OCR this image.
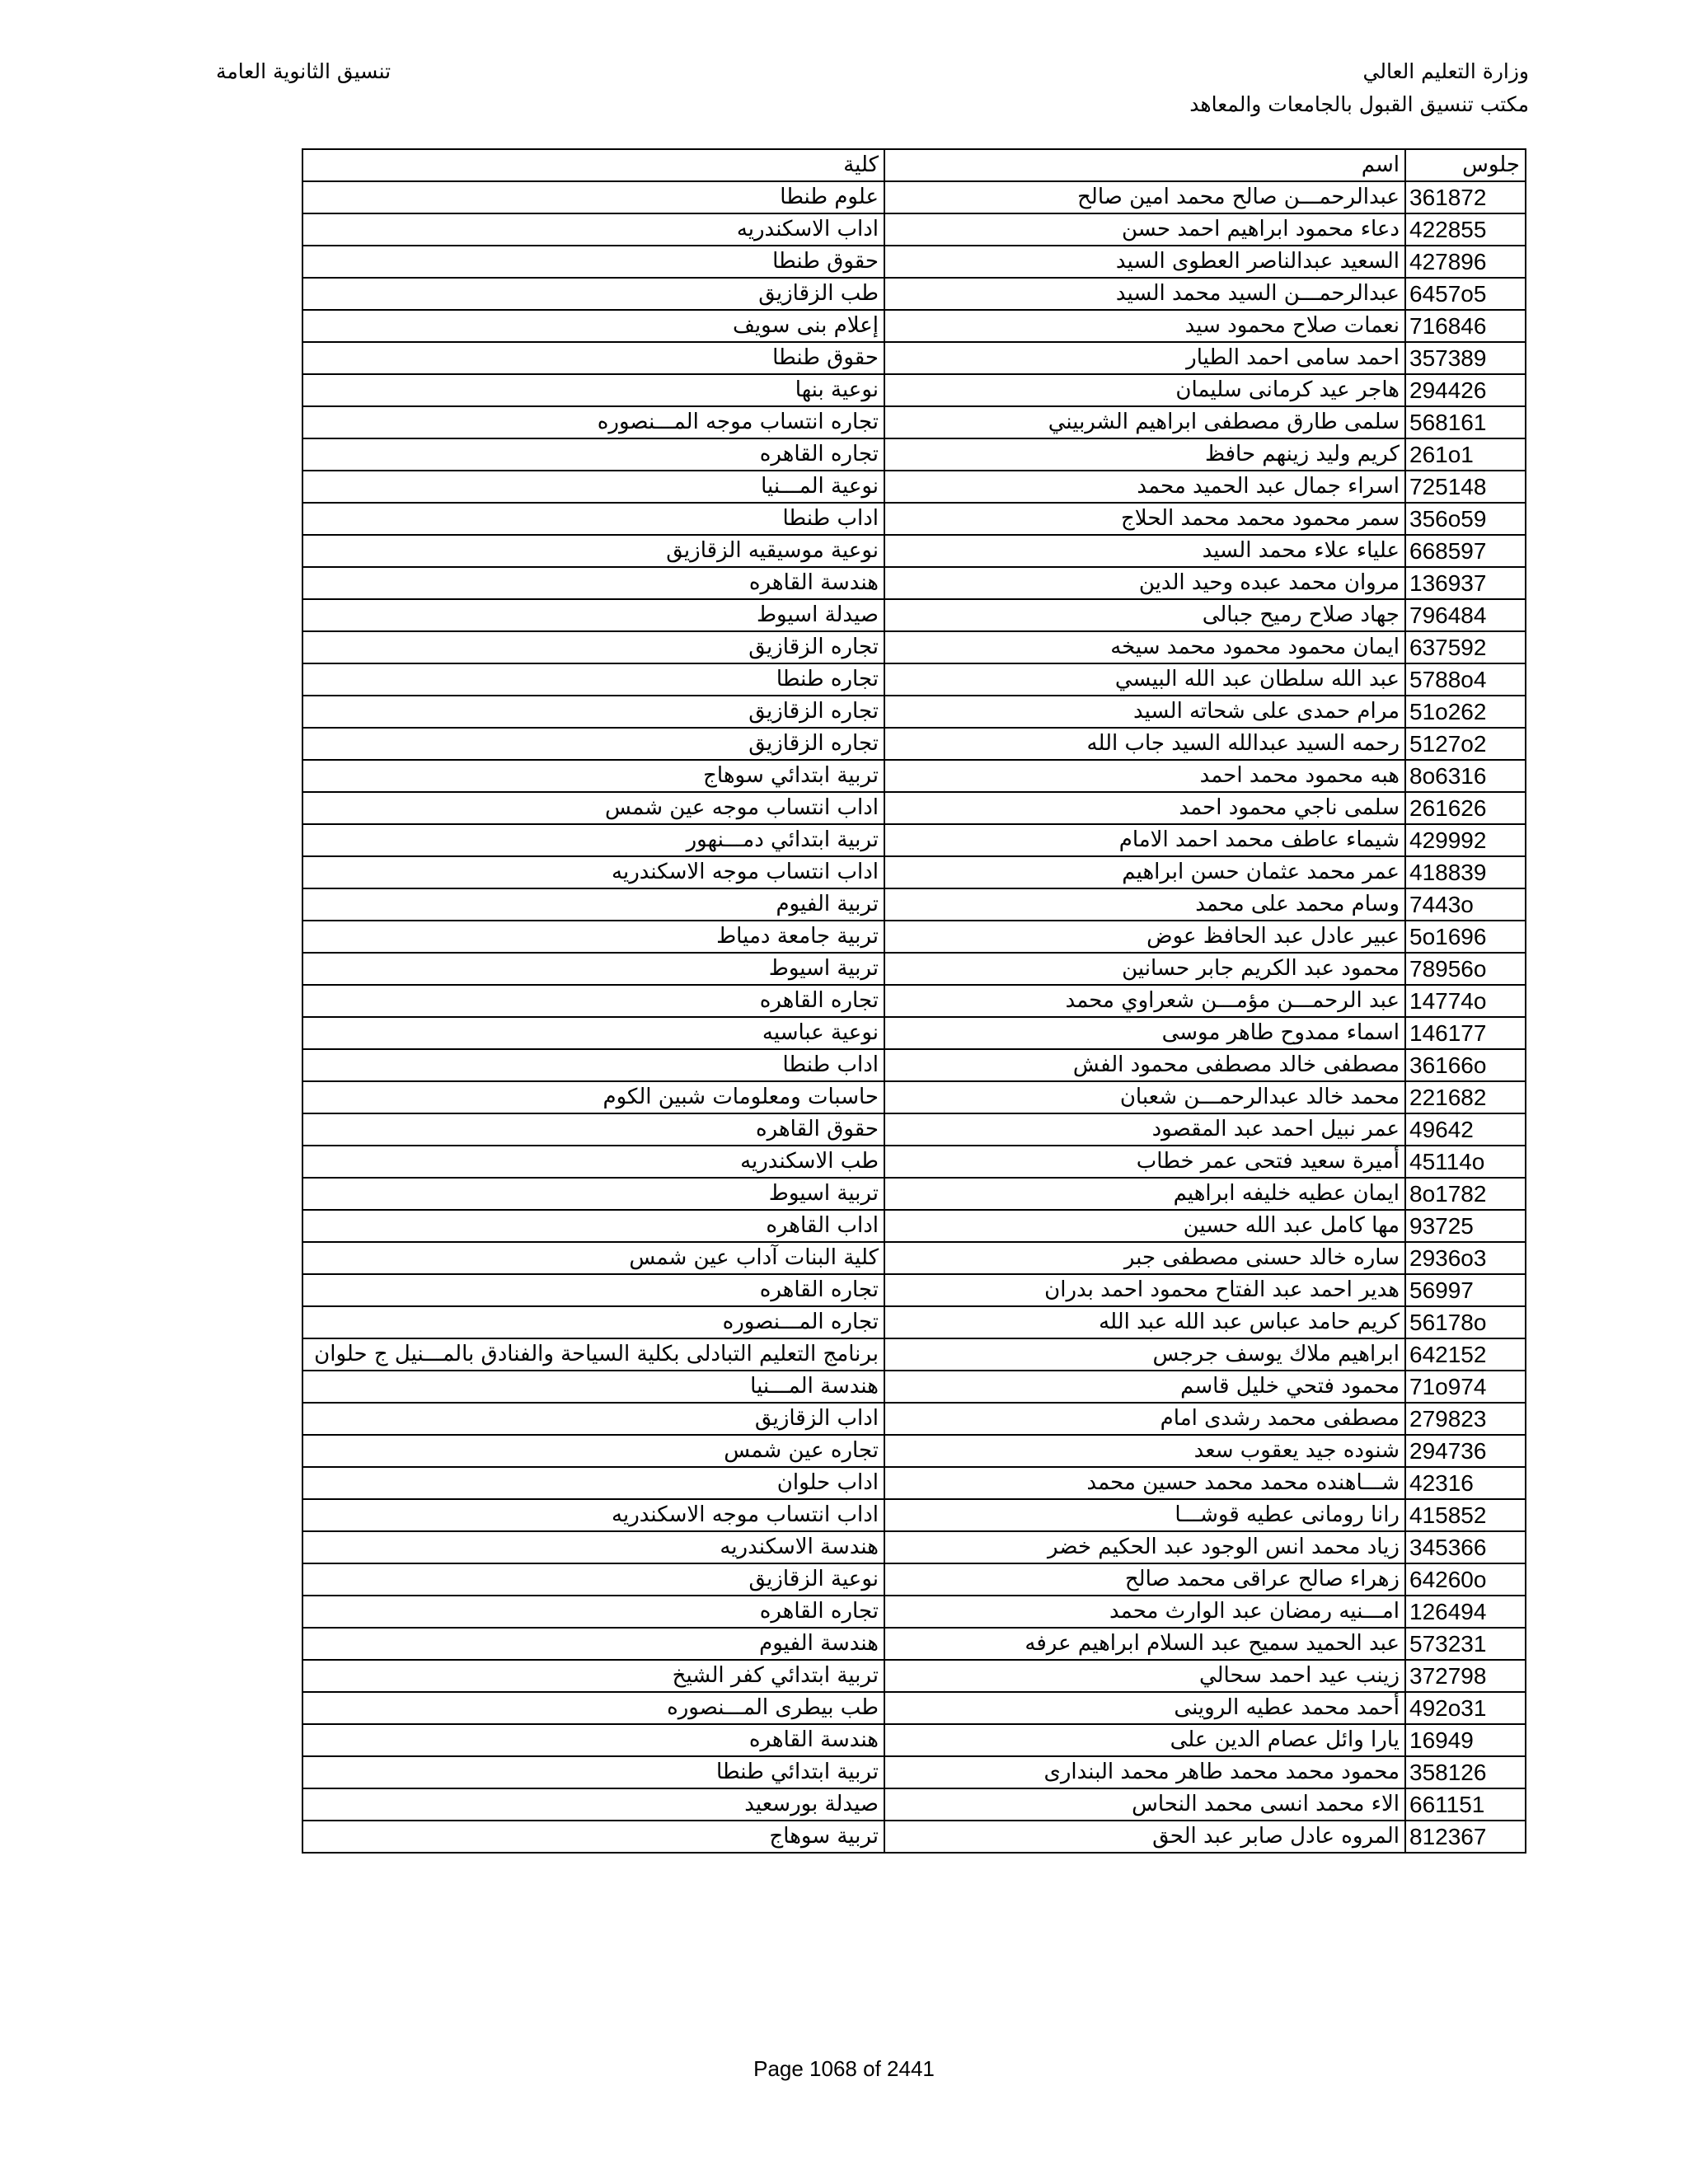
وزارة التعليم العالي
مكتب تنسيق القبول بالجامعات والمعاهد
تنسيق الثانوية العامة
جلوس	اسم	كلية
361872	عبدالرحمـــن صالح محمد امين صالح	علوم طنطا
422855	دعاء محمود ابراهيم احمد حسن	اداب الاسكندريه
427896	السعيد عبدالناصر العطوى السيد	حقوق طنطا
6457o5	عبدالرحمـــن السيد محمد السيد	طب الزقازيق
716846	نعمات صلاح محمود سيد	إعلام بنى سويف
357389	احمد سامى احمد الطيار	حقوق طنطا
294426	هاجر عيد كرمانى سليمان	نوعية بنها
568161	سلمى طارق مصطفى ابراهيم الشربيني	تجاره انتساب موجه المـــنصوره
261o1	كريم وليد زينهم حافظ	تجاره القاهره
725148	اسراء جمال عبد الحميد محمد	نوعية المـــنيا
356o59	سمر محمود محمد محمد الحلاج	اداب طنطا
668597	علياء علاء محمد السيد	نوعية موسيقيه الزقازيق
136937	مروان محمد عبده وحيد الدين	هندسة القاهره
796484	جهاد صلاح رميح جبالى	صيدلة اسيوط
637592	ايمان محمود محمود محمد سيخه	تجاره الزقازيق
5788o4	عبد الله سلطان عبد الله البيسي	تجاره طنطا
51o262	مرام حمدى على شحاته السيد	تجاره الزقازيق
5127o2	رحمه السيد عبدالله السيد جاب الله	تجاره الزقازيق
8o6316	هبه محمود محمد احمد	تربية ابتدائي سوهاج
261626	سلمى ناجي محمود احمد	اداب انتساب موجه عين شمس
429992	شيماء عاطف محمد احمد الامام	تربية ابتدائي دمـــنهور
418839	عمر محمد عثمان حسن ابراهيم	اداب انتساب موجه الاسكندريه
7443o	وسام محمد على محمد	تربية الفيوم
5o1696	عبير عادل عبد الحافظ عوض	تربية جامعة دمياط
78956o	محمود عبد الكريم جابر حسانين	تربية اسيوط
14774o	عبد الرحمـــن مؤمـــن شعراوي محمد	تجاره القاهره
146177	اسماء ممدوح طاهر موسى	نوعية عباسيه
36166o	مصطفى خالد مصطفى محمود الفش	اداب طنطا
221682	محمد خالد عبدالرحمـــن شعبان	حاسبات ومعلومات شبين الكوم
49642	عمر نبيل احمد عبد المقصود	حقوق القاهره
45114o	أميرة سعيد فتحى عمر خطاب	طب الاسكندريه
8o1782	ايمان عطيه خليفه ابراهيم	تربية اسيوط
93725	مها كامل عبد الله حسين	اداب القاهره
2936o3	ساره خالد حسنى مصطفى جبر	كلية البنات آداب عين شمس
56997	هدير احمد عبد الفتاح محمود احمد بدران	تجاره القاهره
56178o	كريم حامد عباس عبد الله عبد الله	تجاره المـــنصوره
642152	ابراهيم ملاك يوسف جرجس	برنامج التعليم التبادلى بكلية السياحة والفنادق بالمـــنيل ج حلوان
71o974	محمود فتحي خليل قاسم	هندسة المـــنيا
279823	مصطفى محمد رشدى امام	اداب الزقازيق
294736	شنوده جيد يعقوب سعد	تجاره عين شمس
42316	شـــاهنده محمد محمد حسين محمد	اداب حلوان
415852	رانا رومانى عطيه قوشـــا	اداب انتساب موجه الاسكندريه
345366	زياد محمد انس الوجود عبد الحكيم خضر	هندسة الاسكندريه
64260o	زهراء صالح عراقى محمد صالح	نوعية الزقازيق
126494	امـــنيه رمضان عبد الوارث محمد	تجاره القاهره
573231	عبد الحميد سميح عبد السلام ابراهيم عرفه	هندسة الفيوم
372798	زينب عيد احمد سحالي	تربية ابتدائي كفر الشيخ
492o31	أحمد محمد عطيه الروينى	طب بيطرى المـــنصوره
16949	يارا وائل عصام الدين على	هندسة القاهره
358126	محمود محمد محمد طاهر محمد البندارى	تربية ابتدائي طنطا
661151	الاء محمد انسى محمد النحاس	صيدلة بورسعيد
812367	المروه عادل صابر عبد الحق	تربية سوهاج
Page 1068 of 2441
